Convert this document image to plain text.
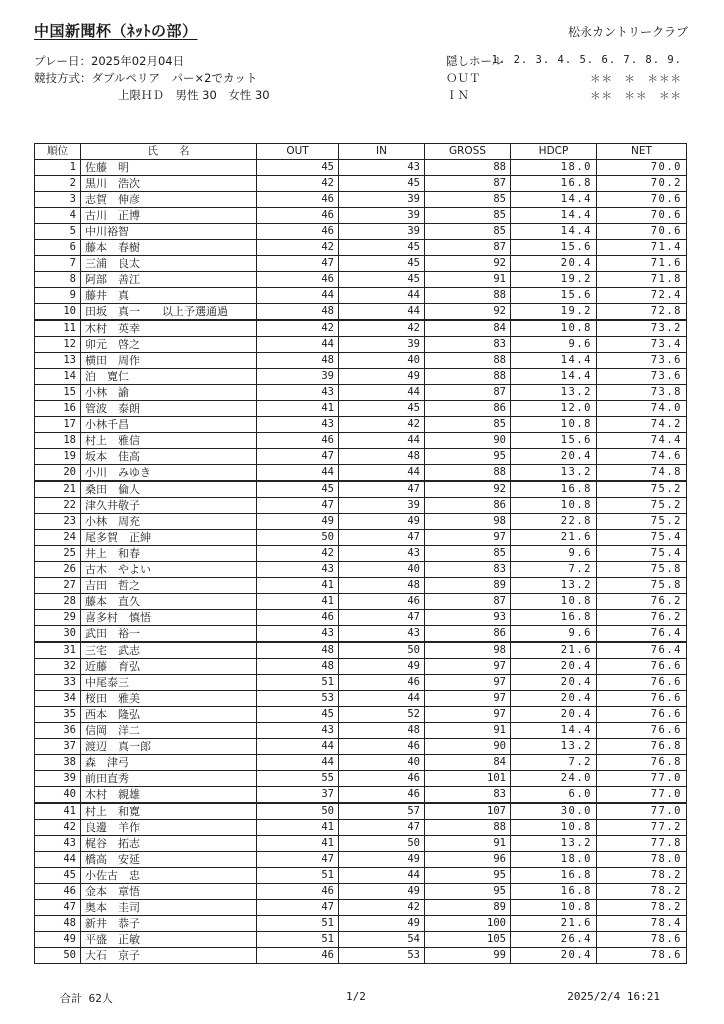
中国新聞杯（ﾈｯﾄの部）	松永カントリークラブ
プレー日：2025年02月04日
競技方式：ダブルペリア　パー×2でカット
上限ＨＤ　男性 30　女性 30
隠しホール
1. 2. 3. 4. 5. 6. 7. 8. 9.
ＯＵＴ	＊＊　＊　＊＊＊
ＩＮ	＊＊　＊＊　＊＊
順位	氏　　名	OUT	IN	GROSS	HDCP	NET
1	佐藤　明	45	43	88	18.0	70.0
2	黒川　浩次	42	45	87	16.8	70.2
3	志賀　伸彦	46	39	85	14.4	70.6
4	古川　正博	46	39	85	14.4	70.6
5	中川裕智	46	39	85	14.4	70.6
6	藤本　春樹	42	45	87	15.6	71.4
7	三浦　良太	47	45	92	20.4	71.6
8	阿部　善江	46	45	91	19.2	71.8
9	藤井　真	44	44	88	15.6	72.4
10	田坂　真一　　以上予選通過	48	44	92	19.2	72.8
11	木村　英幸	42	42	84	10.8	73.2
12	卯元　啓之	44	39	83	9.6	73.4
13	横田　周作	48	40	88	14.4	73.6
14	泊　寛仁	39	49	88	14.4	73.6
15	小林　諭	43	44	87	13.2	73.8
16	管波　泰朗	41	45	86	12.0	74.0
17	小林千昌	43	42	85	10.8	74.2
18	村上　雅信	46	44	90	15.6	74.4
19	坂本　佳高	47	48	95	20.4	74.6
20	小川　みゆき	44	44	88	13.2	74.8
21	桑田　倫人	45	47	92	16.8	75.2
22	津久井敬子	47	39	86	10.8	75.2
23	小林　周充	49	49	98	22.8	75.2
24	尾多賀　正紳	50	47	97	21.6	75.4
25	井上　和春	42	43	85	9.6	75.4
26	古木　やよい	43	40	83	7.2	75.8
27	吉田　哲之	41	48	89	13.2	75.8
28	藤本　直久	41	46	87	10.8	76.2
29	喜多村　慎悟	46	47	93	16.8	76.2
30	武田　裕一	43	43	86	9.6	76.4
31	三宅　武志	48	50	98	21.6	76.4
32	近藤　育弘	48	49	97	20.4	76.6
33	中尾泰三	51	46	97	20.4	76.6
34	桜田　雅美	53	44	97	20.4	76.6
35	西本　隆弘	45	52	97	20.4	76.6
36	信岡　洋二	43	48	91	14.4	76.6
37	渡辺　真一郎	44	46	90	13.2	76.8
38	森　津弓	44	40	84	7.2	76.8
39	前田直秀	55	46	101	24.0	77.0
40	木村　親雄	37	46	83	6.0	77.0
41	村上　和寛	50	57	107	30.0	77.0
42	良邊　羊作	41	47	88	10.8	77.2
43	梶谷　拓志	41	50	91	13.2	77.8
44	橋高　安延	47	49	96	18.0	78.0
45	小佐古　忠	51	44	95	16.8	78.2
46	金本　章悟	46	49	95	16.8	78.2
47	奥本　圭司	47	42	89	10.8	78.2
48	新井　恭子	51	49	100	21.6	78.4
49	平盛　正敏	51	54	105	26.4	78.6
50	大石　京子	46	53	99	20.4	78.6
合計 62人	1/2	2025/2/4 16:21
